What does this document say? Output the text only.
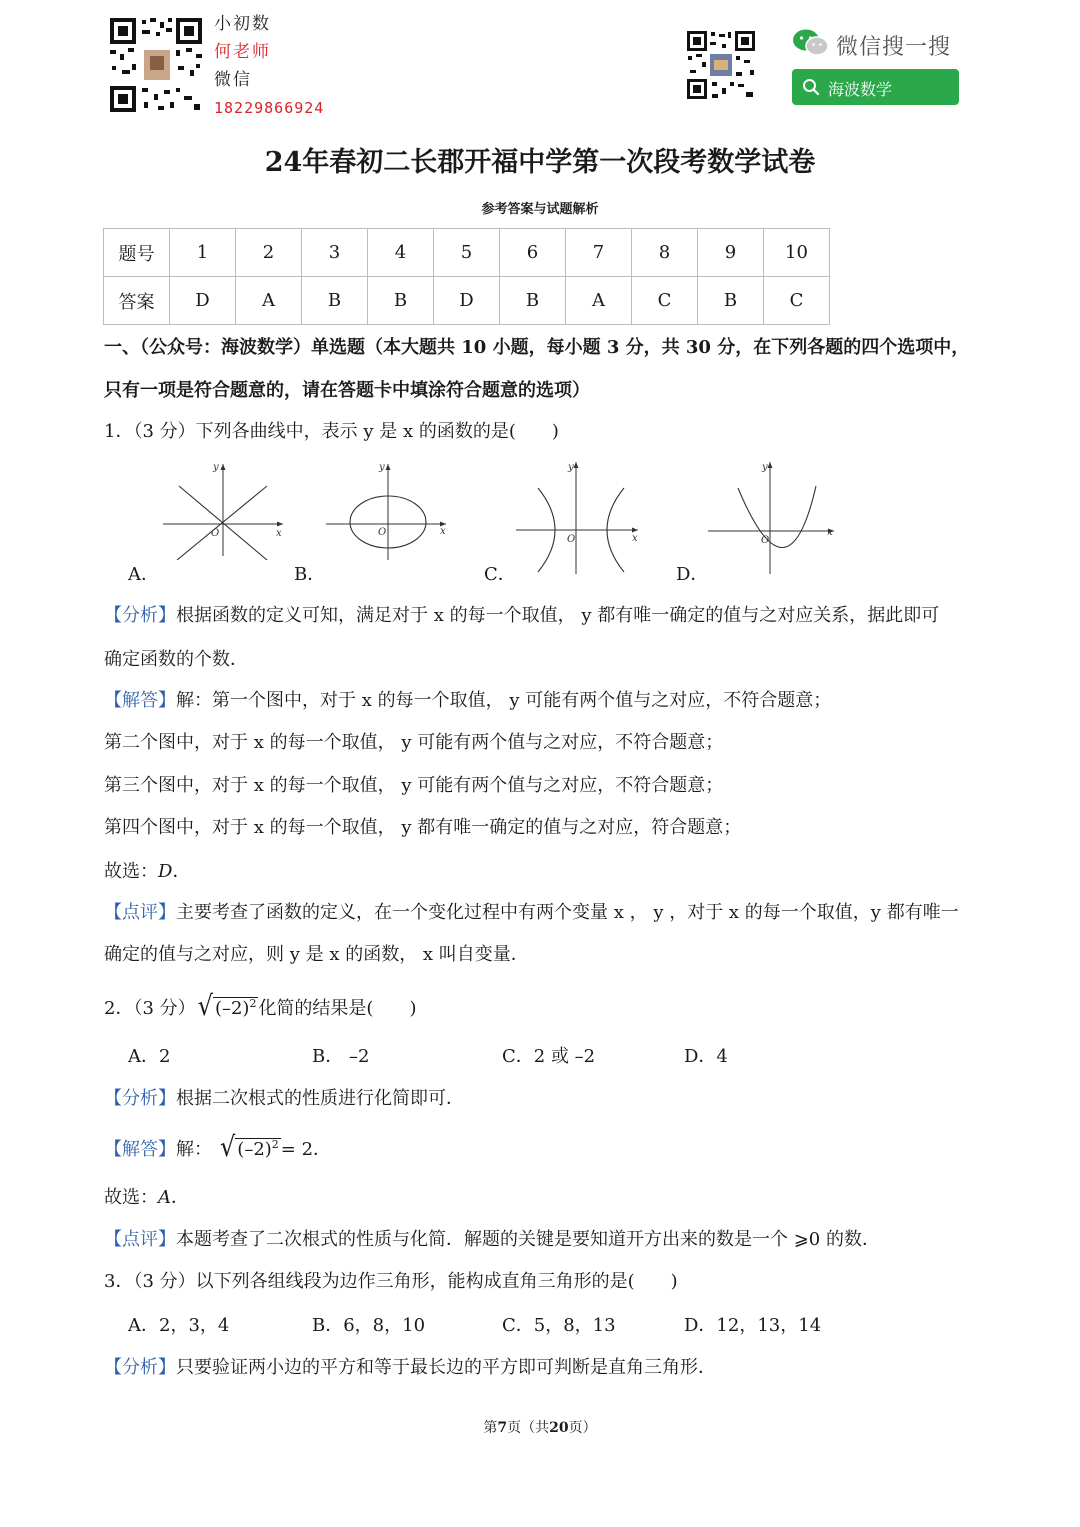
小初数
何老师
微信
18229866924
微信搜一搜
海波数学
24年春初二长郡开福中学第一次段考数学试卷
参考答案与试题解析
题号	1	2	3	4	5	6	7	8	9	10
答案	D	A	B	B	D	B	A	C	B	C
一、（公众号：海波数学）单选题（本大题共 10 小题，每小题 3 分，共 30 分，在下列各题的四个选项中，
只有一项是符合题意的，请在答题卡中填涂符合题意的选项）
1．（3 分）下列各曲线中，表示 y 是 x 的函数的是(　　)
y
x
O
y
x
O
y
x
O
y
x
O
A．	B．	C．	D．
【分析】根据函数的定义可知，满足对于 x 的每一个取值， y 都有唯一确定的值与之对应关系，据此即可
确定函数的个数．
【解答】解：第一个图中，对于 x 的每一个取值， y 可能有两个值与之对应，不符合题意；
第二个图中，对于 x 的每一个取值， y 可能有两个值与之对应，不符合题意；
第三个图中，对于 x 的每一个取值， y 可能有两个值与之对应，不符合题意；
第四个图中，对于 x 的每一个取值， y 都有唯一确定的值与之对应，符合题意；
故选：D．
【点评】主要考查了函数的定义，在一个变化过程中有两个变量 x ， y ，对于 x 的每一个取值，y 都有唯一
确定的值与之对应，则 y 是 x 的函数， x 叫自变量．
2．（3 分）√ $(-2)^2$ 化简的结果是(　　)
A．2	B． –2	C．2 或 –2	D．4
【分析】根据二次根式的性质进行化简即可．
【解答】解： √ $(-2)^2 = 2$．
故选：A．
【点评】本题考查了二次根式的性质与化简．解题的关键是要知道开方出来的数是一个 ⩾0 的数．
3．（3 分）以下列各组线段为边作三角形，能构成直角三角形的是(　　)
A．2，3，4	B．6，8，10	C．5，8，13	D．12，13，14
【分析】只要验证两小边的平方和等于最长边的平方即可判断是直角三角形．
第7页（共20页）
